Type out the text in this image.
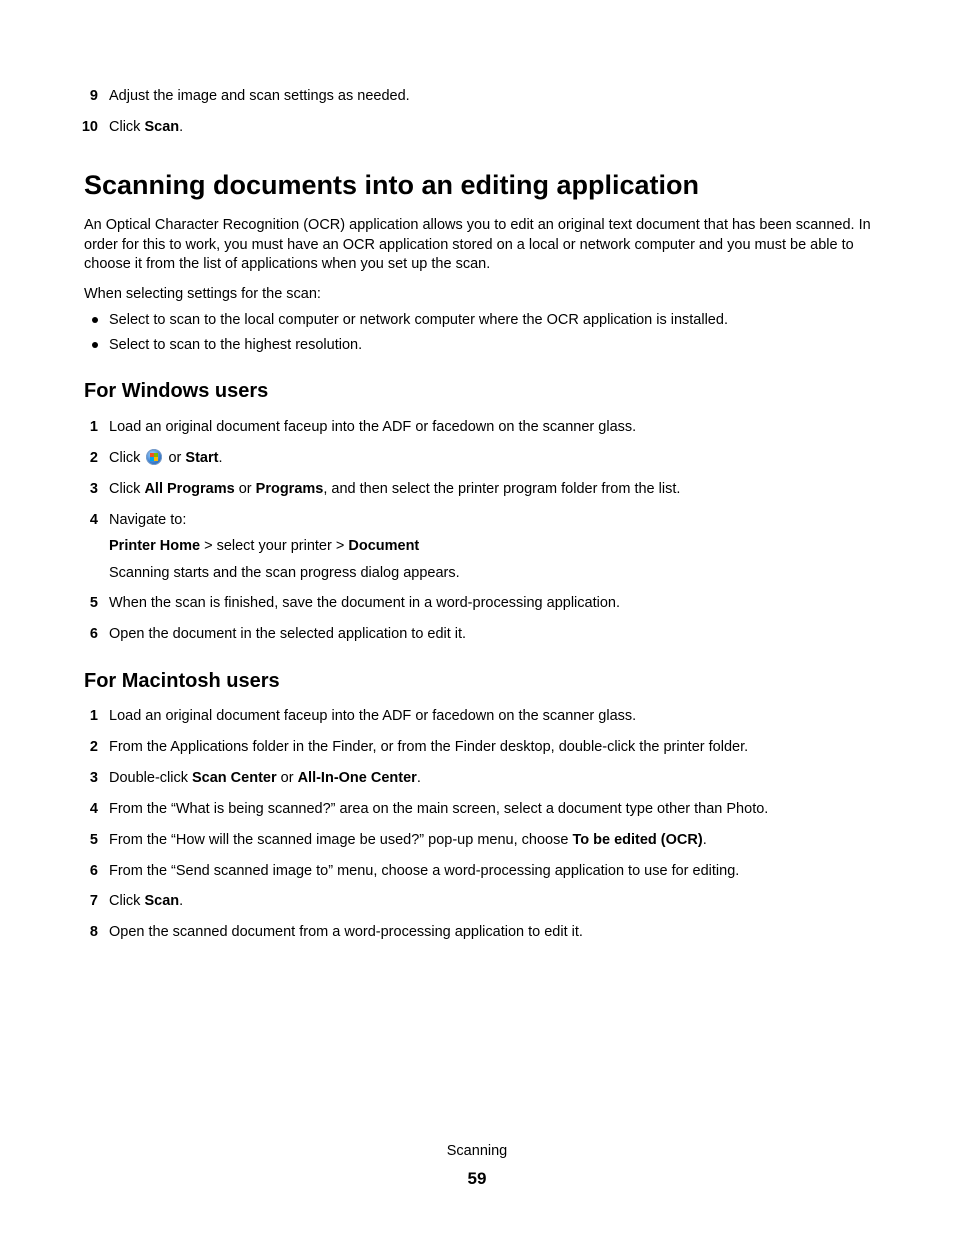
9 Adjust the image and scan settings as needed.
10 Click Scan.
Scanning documents into an editing application
An Optical Character Recognition (OCR) application allows you to edit an original text document that has been scanned. In order for this to work, you must have an OCR application stored on a local or network computer and you must be able to choose it from the list of applications when you set up the scan.
When selecting settings for the scan:
Select to scan to the local computer or network computer where the OCR application is installed.
Select to scan to the highest resolution.
For Windows users
1 Load an original document faceup into the ADF or facedown on the scanner glass.
2 Click
or Start.
3 Click All Programs or Programs, and then select the printer program folder from the list.
4 Navigate to:
Printer Home > select your printer > Document
Scanning starts and the scan progress dialog appears.
5 When the scan is finished, save the document in a word-processing application.
6 Open the document in the selected application to edit it.
For Macintosh users
1 Load an original document faceup into the ADF or facedown on the scanner glass.
2 From the Applications folder in the Finder, or from the Finder desktop, double-click the printer folder.
3 Double-click Scan Center or All-In-One Center.
4 From the “What is being scanned?” area on the main screen, select a document type other than Photo.
5 From the “How will the scanned image be used?” pop-up menu, choose To be edited (OCR).
6 From the “Send scanned image to” menu, choose a word-processing application to use for editing.
7 Click Scan.
8 Open the scanned document from a word-processing application to edit it.
Scanning
59
